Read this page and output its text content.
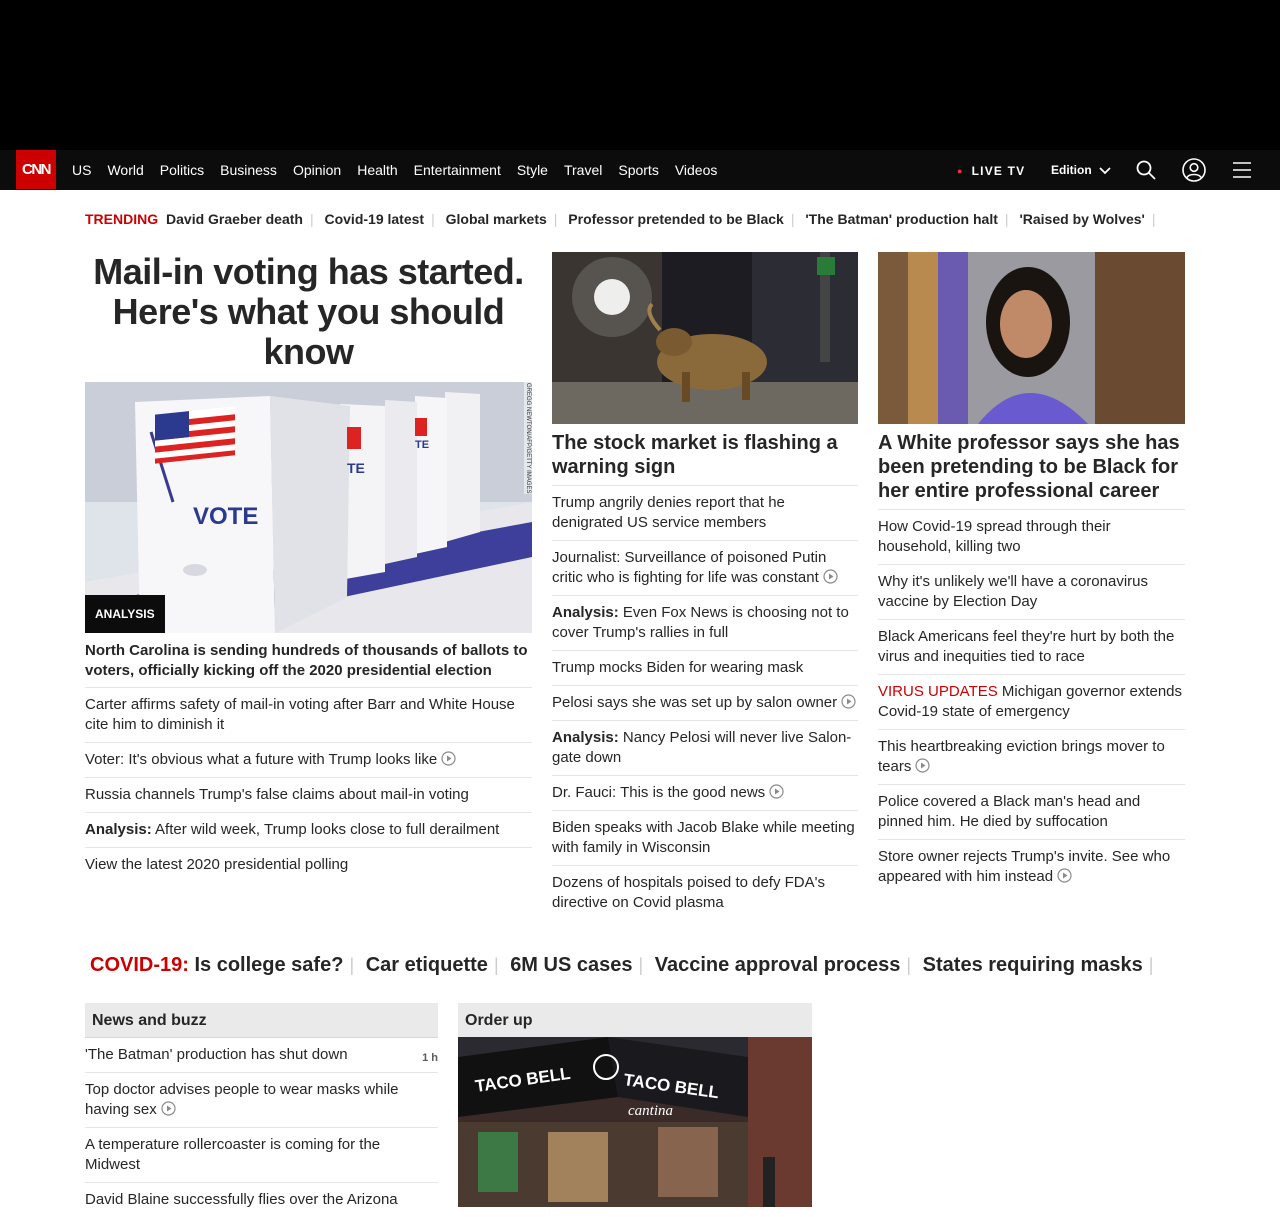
CNN	US	World	Politics	Business	Opinion	Health	Entertainment	Style	Travel	Sports	Videos	● LIVE TV Edition
TRENDING David Graeber death | Covid-19 latest | Global markets | Professor pretended to be Black | 'The Batman' production halt | 'Raised by Wolves' |
Mail-in voting has started. Here's what you should know
VOTE
TE
TE	GREGG NEWTON/AFP/GETTY IMAGES
ANALYSIS
North Carolina is sending hundreds of thousands of ballots to voters, officially kicking off the 2020 presidential election
Carter affirms safety of mail-in voting after Barr and White House cite him to diminish it
Voter: It's obvious what a future with Trump looks like
Russia channels Trump's false claims about mail-in voting
Analysis: After wild week, Trump looks close to full derailment
View the latest 2020 presidential polling
The stock market is flashing a warning sign
Trump angrily denies report that he denigrated US service members
Journalist: Surveillance of poisoned Putin critic who is fighting for life was constant
Analysis: Even Fox News is choosing not to cover Trump's rallies in full
Trump mocks Biden for wearing mask
Pelosi says she was set up by salon owner
Analysis: Nancy Pelosi will never live Salon-gate down
Dr. Fauci: This is the good news
Biden speaks with Jacob Blake while meeting with family in Wisconsin
Dozens of hospitals poised to defy FDA's directive on Covid plasma
A White professor says she has been pretending to be Black for her entire professional career
How Covid-19 spread through their household, killing two
Why it's unlikely we'll have a coronavirus vaccine by Election Day
Black Americans feel they're hurt by both the virus and inequities tied to race
VIRUS UPDATES Michigan governor extends Covid-19 state of emergency
This heartbreaking eviction brings mover to tears
Police covered a Black man's head and pinned him. He died by suffocation
Store owner rejects Trump's invite. See who appeared with him instead
COVID-19: Is college safe? | Car etiquette | 6M US cases | Vaccine approval process | States requiring masks |
News and buzz
1 h
'The Batman' production has shut down
Top doctor advises people to wear masks while having sex
A temperature rollercoaster is coming for the Midwest
David Blaine successfully flies over the Arizona
Order up
TACO BELL	TACO BELL
cantina
